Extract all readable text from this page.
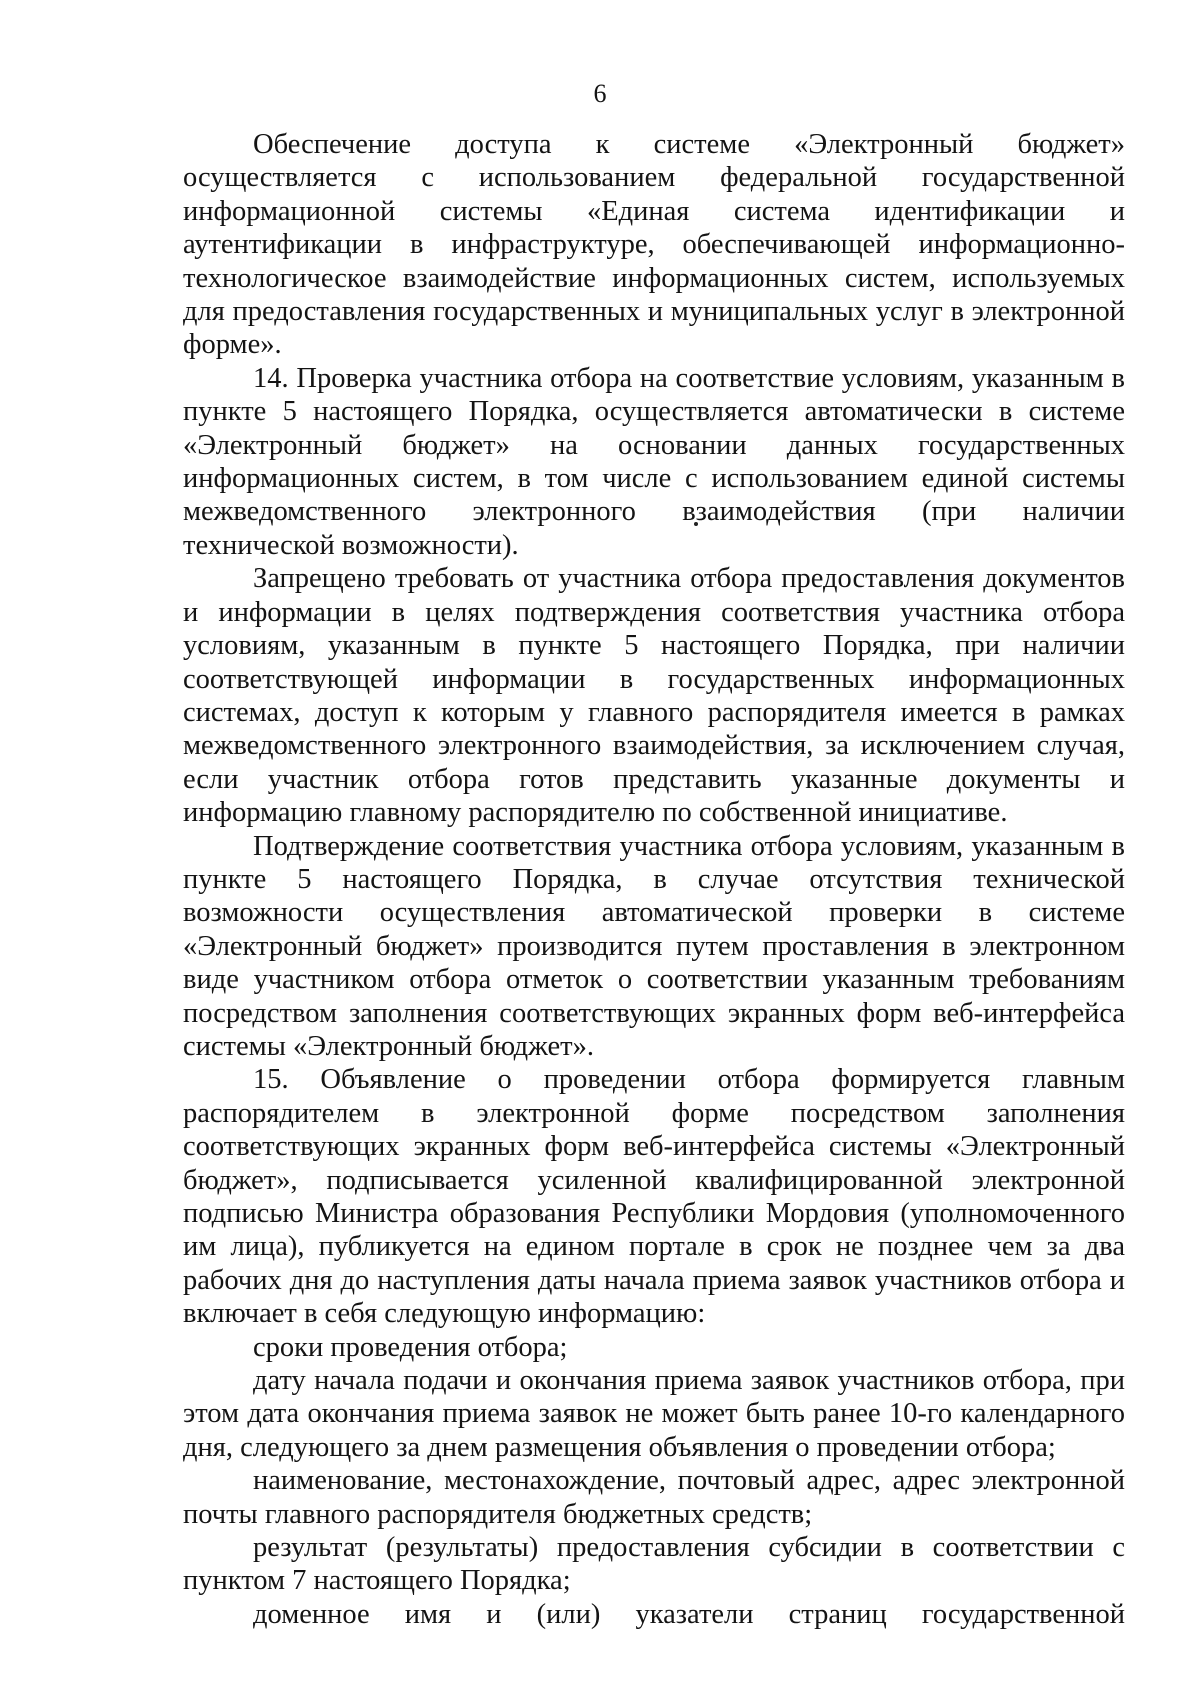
6

Обеспечение доступа к системе «Электронный бюджет» осуществляется с использованием федеральной государственной информационной системы «Единая система идентификации и аутентификации в инфраструктуре, обеспечивающей информационно-технологическое взаимодействие информационных систем, используемых для предоставления государственных и муниципальных услуг в электронной форме».

14. Проверка участника отбора на соответствие условиям, указанным в пункте 5 настоящего Порядка, осуществляется автоматически в системе «Электронный бюджет» на основании данных государственных информационных систем, в том числе с использованием единой системы межведомственного электронного взаимодействия (при наличии технической возможности).

Запрещено требовать от участника отбора предоставления документов и информации в целях подтверждения соответствия участника отбора условиям, указанным в пункте 5 настоящего Порядка, при наличии соответствующей информации в государственных информационных системах, доступ к которым у главного распорядителя имеется в рамках межведомственного электронного взаимодействия, за исключением случая, если участник отбора готов представить указанные документы и информацию главному распорядителю по собственной инициативе.

Подтверждение соответствия участника отбора условиям, указанным в пункте 5 настоящего Порядка, в случае отсутствия технической возможности осуществления автоматической проверки в системе «Электронный бюджет» производится путем проставления в электронном виде участником отбора отметок о соответствии указанным требованиям посредством заполнения соответствующих экранных форм веб-интерфейса системы «Электронный бюджет».

15. Объявление о проведении отбора формируется главным распорядителем в электронной форме посредством заполнения соответствующих экранных форм веб-интерфейса системы «Электронный бюджет», подписывается усиленной квалифицированной электронной подписью Министра образования Республики Мордовия (уполномоченного им лица), публикуется на едином портале в срок не позднее чем за два рабочих дня до наступления даты начала приема заявок участников отбора и включает в себя следующую информацию:

сроки проведения отбора;

дату начала подачи и окончания приема заявок участников отбора, при этом дата окончания приема заявок не может быть ранее 10-го календарного дня, следующего за днем размещения объявления о проведении отбора;

наименование, местонахождение, почтовый адрес, адрес электронной почты главного распорядителя бюджетных средств;

результат (результаты) предоставления субсидии в соответствии с пунктом 7 настоящего Порядка;

доменное имя и (или) указатели страниц государственной
